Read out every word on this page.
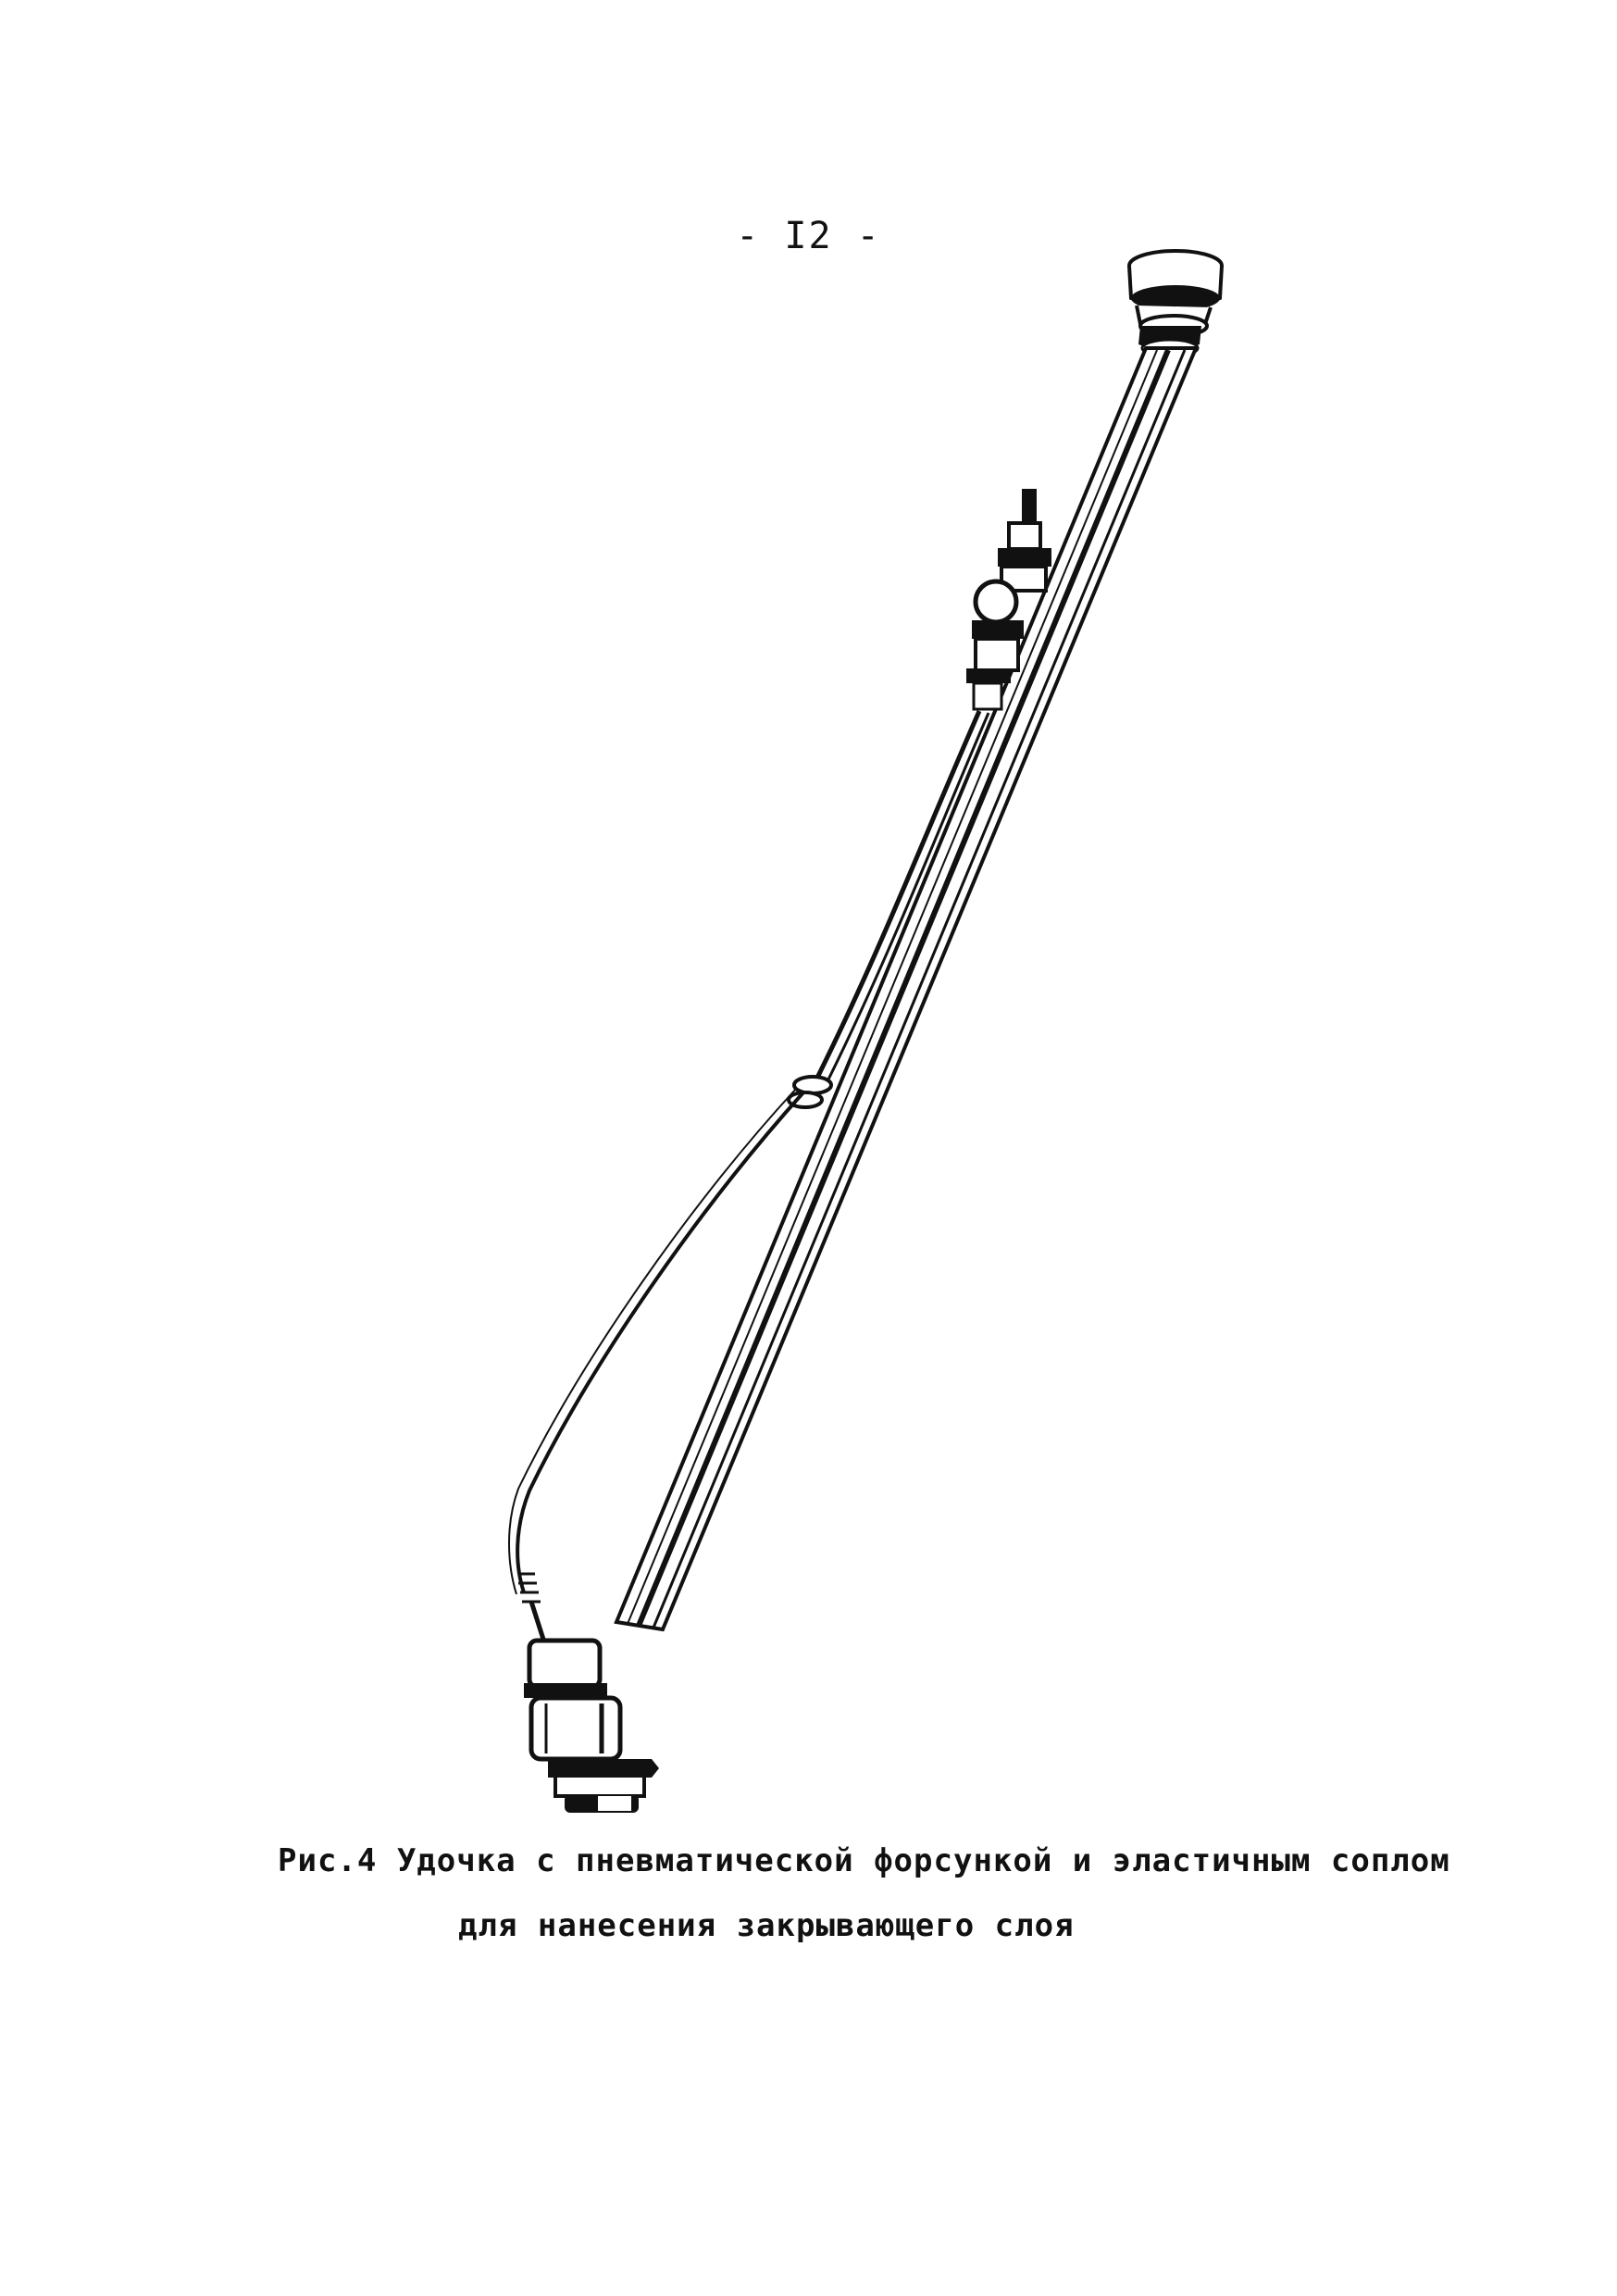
- I2 -
Рис.4 Удочка с пневматической форсункой и эластичным соплом
для нанесения закрывающего слоя
